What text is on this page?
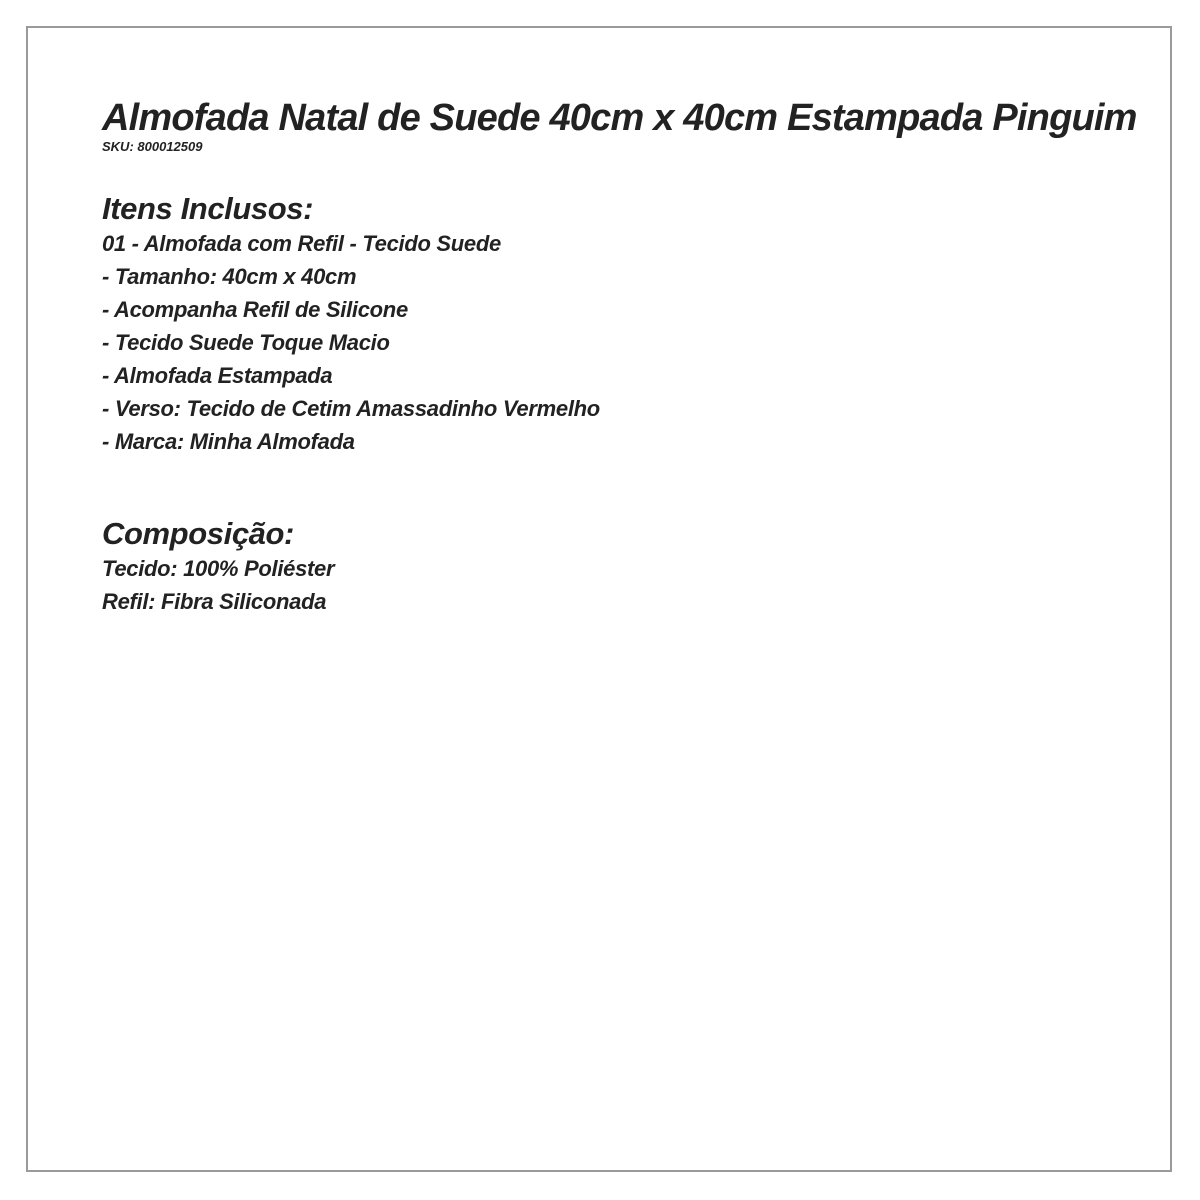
Almofada Natal de Suede 40cm x 40cm Estampada Pinguim

SKU: 800012509

Itens Inclusos:

01 - Almofada com Refil - Tecido Suede

- Tamanho: 40cm x 40cm

- Acompanha Refil de Silicone

- Tecido Suede Toque Macio

- Almofada Estampada

- Verso: Tecido de Cetim Amassadinho Vermelho

- Marca: Minha Almofada

Composição:

Tecido: 100% Poliéster

Refil: Fibra Siliconada
